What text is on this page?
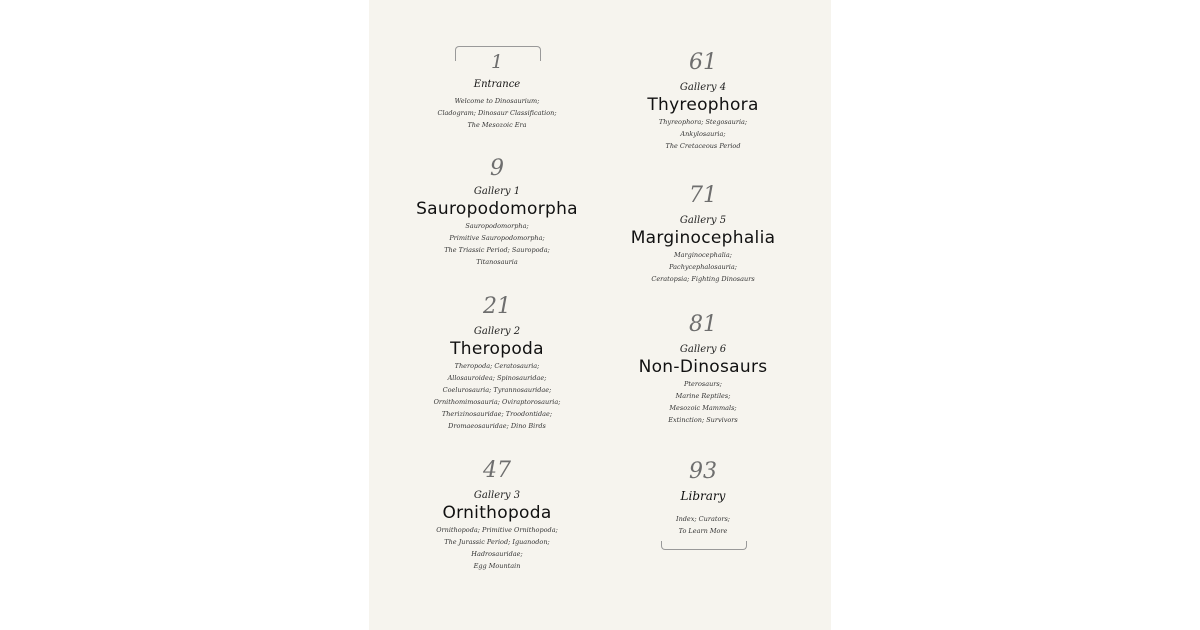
1
Entrance
Welcome to Dinosaurium;
Cladogram; Dinosaur Classification;
The Mesozoic Era
9
Gallery 1
Sauropodomorpha
Sauropodomorpha;
Primitive Sauropodomorpha;
The Triassic Period; Sauropoda;
Titanosauria
21
Gallery 2
Theropoda
Theropoda; Ceratosauria;
Allosauroidea; Spinosauridae;
Coelurosauria; Tyrannosauridae;
Ornithomimosauria; Oviraptorosauria;
Therizinosauridae; Troodontidae;
Dromaeosauridae; Dino Birds
47
Gallery 3
Ornithopoda
Ornithopoda; Primitive Ornithopoda;
The Jurassic Period; Iguanodon;
Hadrosauridae;
Egg Mountain
61
Gallery 4
Thyreophora
Thyreophora; Stegosauria;
Ankylosauria;
The Cretaceous Period
71
Gallery 5
Marginocephalia
Marginocephalia;
Pachycephalosauria;
Ceratopsia; Fighting Dinosaurs
81
Gallery 6
Non-Dinosaurs
Pterosaurs;
Marine Reptiles;
Mesozoic Mammals;
Extinction; Survivors
93
Library
Index; Curators;
To Learn More
